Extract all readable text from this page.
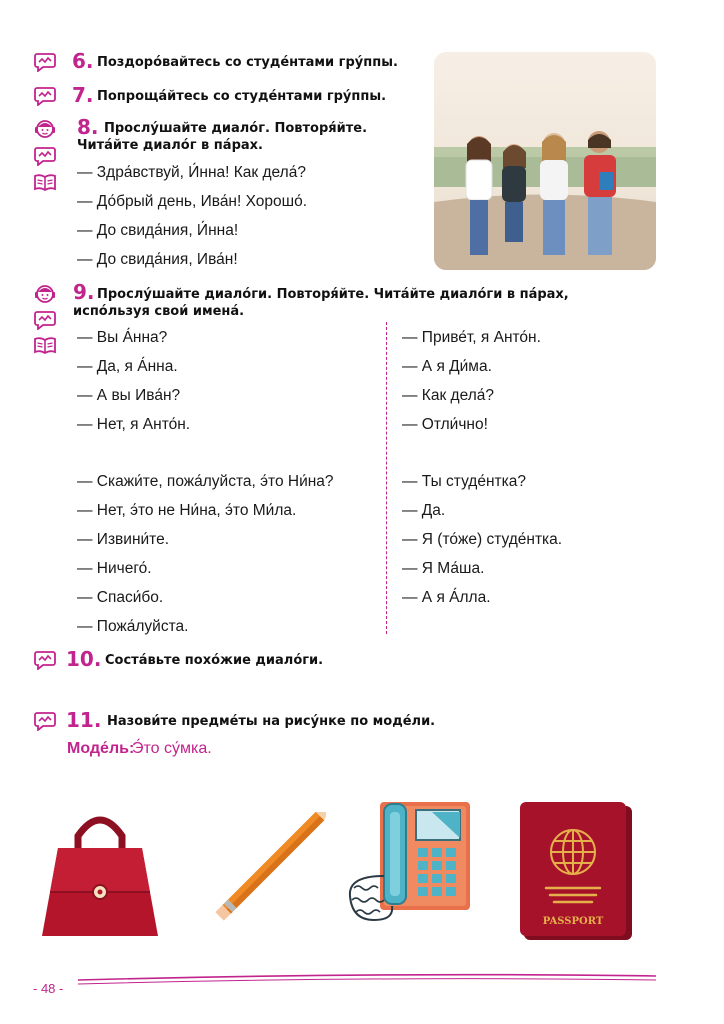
6. Поздоро́вайтесь со студе́нтами гру́ппы.
7. Попроща́йтесь со студе́нтами гру́ппы.
8. Прослу́шайте диало́г. Повторя́йте.
Чита́йте диало́г в па́рах.
— Здра́вствуй, И́нна! Как дела́?
— До́брый день, Ива́н! Хорошо́.
— До свида́ния, И́нна!
— До свида́ния, Ива́н!
9. Прослу́шайте диало́ги. Повторя́йте. Чита́йте диало́ги в па́рах,
испо́льзуя свои́ имена́.
— Вы А́нна?
— Да, я А́нна.
— А вы Ива́н?
— Нет, я Анто́н.
— Скажи́те, пожа́луйста, э́то Ни́на?
— Нет, э́то не Ни́на, э́то Ми́ла.
— Извини́те.
— Ничего́.
— Спаси́бо.
— Пожа́луйста.
— Приве́т, я Анто́н.
— А я Ди́ма.
— Как дела́?
— Отли́чно!
— Ты студе́нтка?
— Да.
— Я (то́же) студе́нтка.
— Я Ма́ша.
— А я А́лла.
10. Соста́вьте похо́жие диало́ги.
11. Назови́те предме́ты на рису́нке по моде́ли.
Моде́ль:
Э́то су́мка.
PASSPORT
- 48 -
